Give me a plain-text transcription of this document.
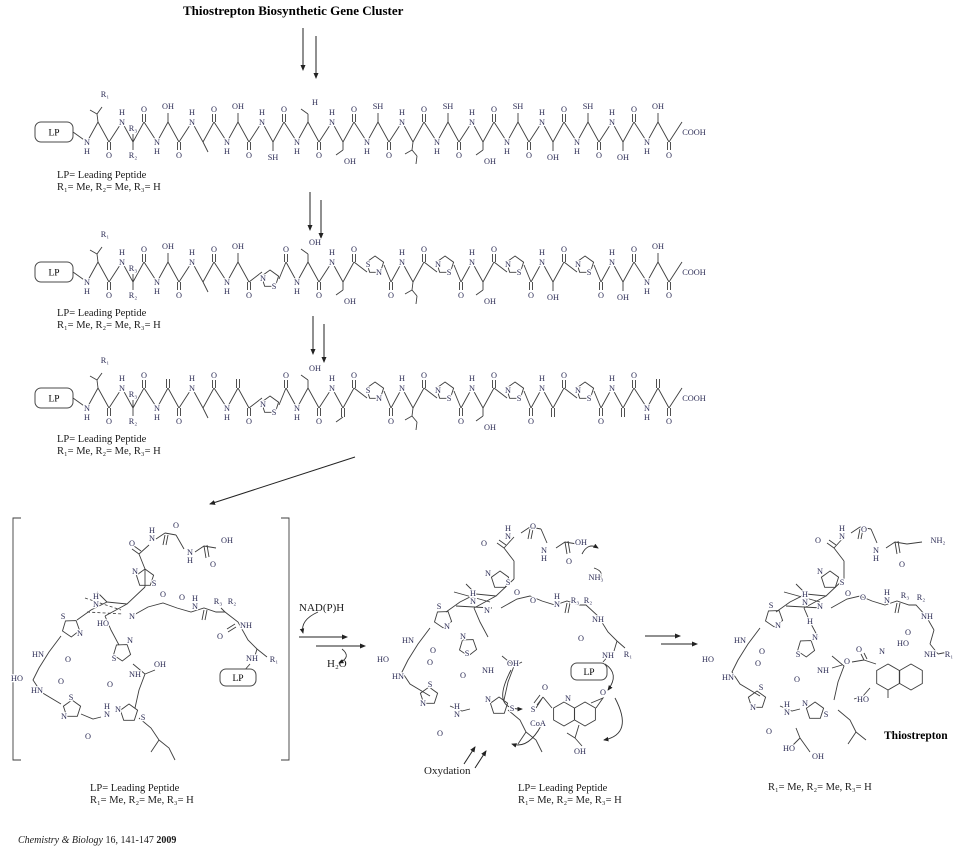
Thiostrepton Biosynthetic Gene Cluster
LP
N
H O
R₁
N
H O
R₃
R₂
N
H O
OH
N
H O
N
H O
OH
N
H O
SH
N
H O
H
N
H O
OH
N
H O
SH
N
H O
N
H O
SH
N
H O
OH
N
H O
SH
N
H O
OH
N
H O
SH
N
H O
OH
N
H O
OH
COOH
LP= Leading Peptide
R₁= Me, R₂= Me, R₃= H
LP
N
H O
R₁
N
H O
R₃
R₂
N
H O
OH
N
H O
N
H O
OH
N
S
O
N
H O
OH
N
H O
OH
S
N
O
N
H O
N
S
O
N
H O
OH
N
S
O
N
H O
OH
N
S
O
N
H O
OH
N
H O
OH
COOH
LP= Leading Peptide
R₁= Me, R₂= Me, R₃= H
LP
N
H O
R₁
N
H O
R₃
R₂
N
H O
N
H O
N
H O
N
S
O
N
H O
OH
N
H O
S
N
O
N
H O
N
S
O
N
H O
OH
N
S
O
N
H O
N
S
O
N
H O
N
H O
COOH
LP= Leading Peptide
R₁= Me, R₂= Me, R₃= H
O
H
N
O
H
N
OH
O
N
S
H
N
N
HO
O
S
N
O H
N
R₃ R₂
NH
O
NH R₁
LP
HN
O
HO	O
HN
S
N
O
H
N
N
S
OH
NH
O
N
S
LP= Leading Peptide
R₁= Me, R₂= Me, R₃= H
NAD(P)H
H₂O
O
H
N
O
H
N
OH
O
NH₃
N
S
H
N
N
O
S
N
O H
N R₃ R₂
NH
O
NH R₁
LP
HN
O
HO	O
HN
S
N
O
H
N
N
S
OH
NH
O
N
S
O
S
CoA
N
O
OH
Oxydation
LP= Leading Peptide
R₁= Me, R₂= Me, R₃= H
O
H
N
O
N
H
NH₂
O
N
S
H
N N
H
O
S
N
O
H
N
R₃ R₂
NH
O
HO
NH R₁
HN
O
HO	O
HN
S
N
O
H
N
N
S
NH
O
N
S
O
O N
HO
HO
OH
Thiostrepton
R₁= Me, R₂= Me, R₃= H
Chemistry & Biology 16, 141-147 2009
